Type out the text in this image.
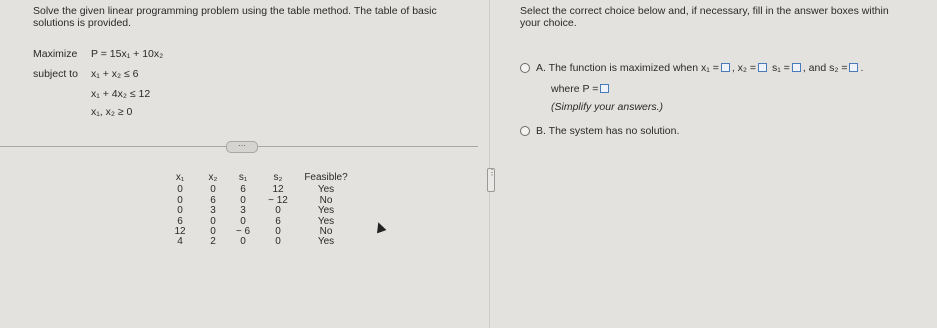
Solve the given linear programming problem using the table method. The table of basic
solutions is provided.
Maximize P = 15x₁ + 10x₂
subject to x₁ + x₂ ≤ 6
x₁ + 4x₂ ≤ 12
x₁, x₂ ≥ 0
···
x₁	x₂	s₁	s₂	Feasible?
0	0	6	12	Yes
0	6	0	− 12	No
0	3	3	0	Yes
6	0	0	6	Yes
12	0	− 6	0	No
4	2	0	0	Yes
⋮
Select the correct choice below and, if necessary, fill in the answer boxes within
your choice.
A. The function is maximized when x₁ = , x₂ = s₁ = , and s₂ = .
where P =
(Simplify your answers.)
B. The system has no solution.
